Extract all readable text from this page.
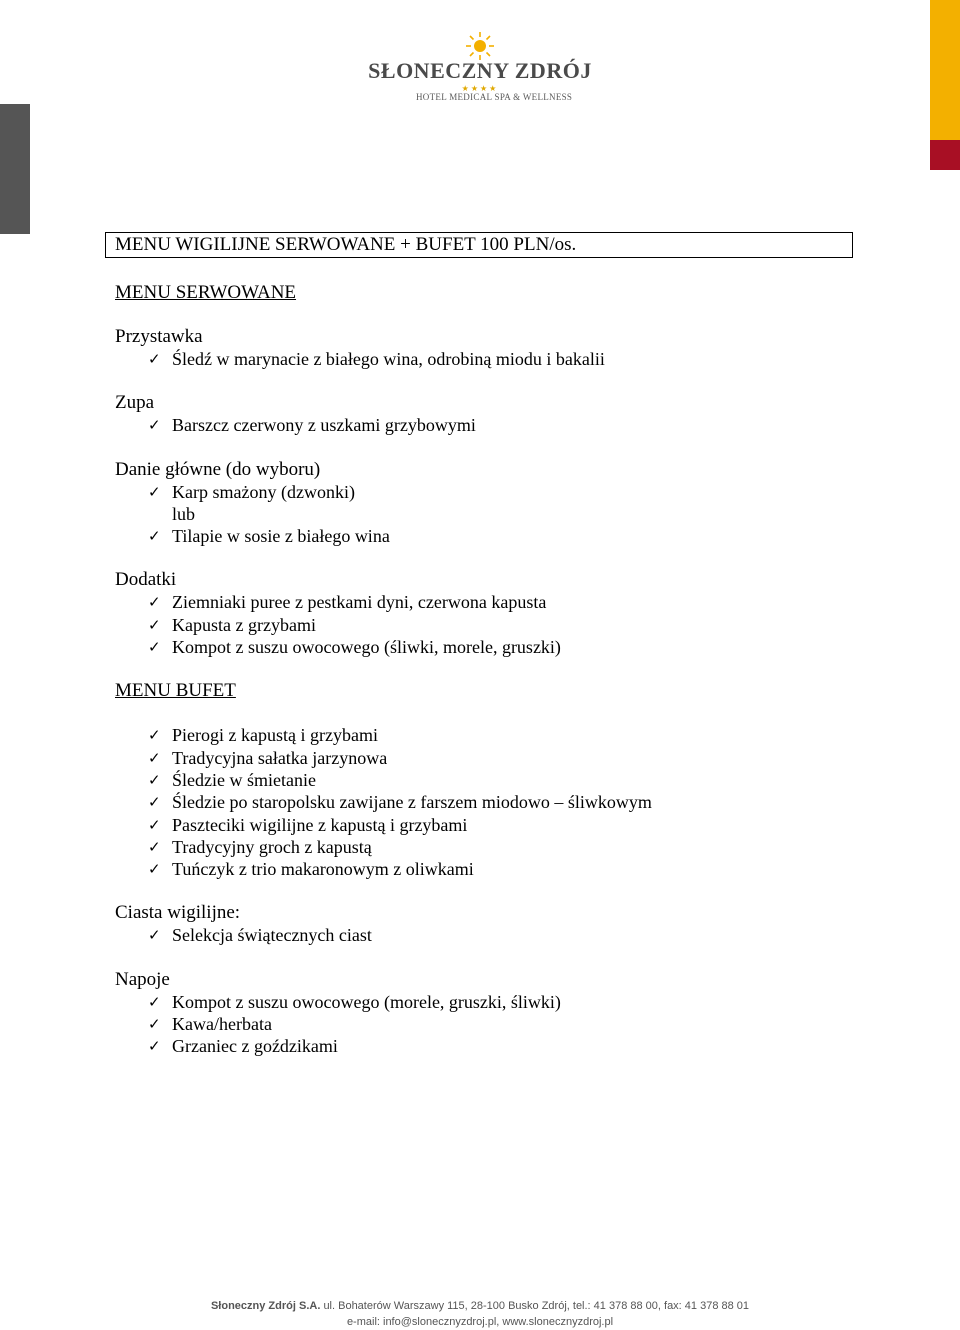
SŁONECZNY ZDRÓJ
★★★★
HOTEL MEDICAL SPA & WELLNESS
MENU WIGILIJNE SERWOWANE + BUFET 100 PLN/os.

MENU SERWOWANE

Przystawka

✓ Śledź w marynacie z białego wina, odrobiną miodu i bakalii

Zupa

✓ Barszcz czerwony z uszkami grzybowymi

Danie główne (do wyboru)

✓ Karp smażony (dzwonki)
lub
✓ Tilapie w sosie z białego wina

Dodatki

✓ Ziemniaki puree z pestkami dyni, czerwona kapusta
✓ Kapusta z grzybami
✓ Kompot z suszu owocowego (śliwki, morele, gruszki)

MENU BUFET

✓ Pierogi z kapustą i grzybami
✓ Tradycyjna sałatka jarzynowa
✓ Śledzie w śmietanie
✓ Śledzie po staropolsku zawijane z farszem miodowo – śliwkowym
✓ Paszteciki wigilijne z kapustą i grzybami
✓ Tradycyjny groch z kapustą
✓ Tuńczyk z trio makaronowym z oliwkami

Ciasta wigilijne:

✓ Selekcja świątecznych ciast

Napoje

✓ Kompot z suszu owocowego (morele, gruszki, śliwki)
✓ Kawa/herbata
✓ Grzaniec z goździkami
Słoneczny Zdrój S.A. ul. Bohaterów Warszawy 115, 28-100 Busko Zdrój, tel.: 41 378 88 00, fax: 41 378 88 01
e-mail: info@slonecznyzdroj.pl, www.slonecznyzdroj.pl
